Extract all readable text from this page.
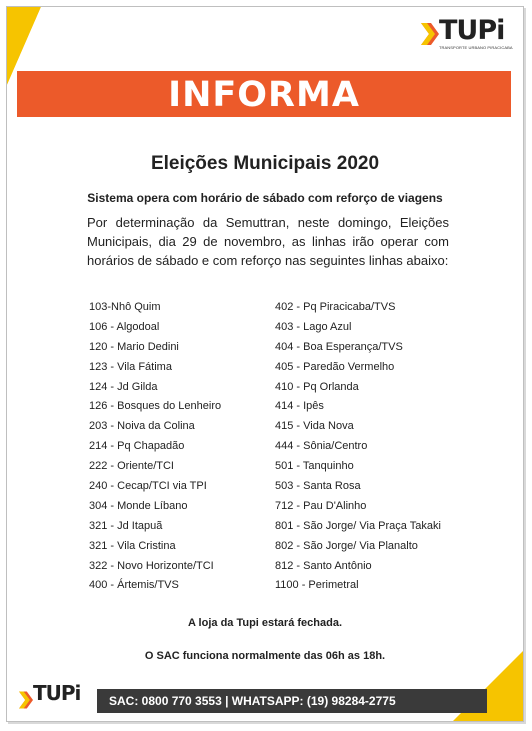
TUPi
TRANSPORTE URBANO PIRACICABA
INFORMA
Eleições Municipais 2020
Sistema opera com horário de sábado com reforço de viagens
Por determinação da Semuttran, neste domingo, Eleições Municipais, dia 29 de novembro, as linhas irão operar com horários de sábado e com reforço nas seguintes linhas abaixo:
103-Nhô Quim
106 - Algodoal
120 - Mario Dedini
123 - Vila Fátima
124 - Jd Gilda
126 - Bosques do Lenheiro
203 - Noiva da Colina
214 - Pq Chapadão
222 - Oriente/TCI
240 - Cecap/TCI via TPI
304 - Monde Líbano
321 - Jd Itapuã
321 - Vila Cristina
322 - Novo Horizonte/TCI
400 - Ártemis/TVS
402 - Pq Piracicaba/TVS
403 - Lago Azul
404 - Boa Esperança/TVS
405 - Paredão Vermelho
410 - Pq Orlanda
414 - Ipês
415 - Vida Nova
444 - Sônia/Centro
501 - Tanquinho
503 - Santa Rosa
712 - Pau D'Alinho
801 - São Jorge/ Via Praça Takaki
802 - São Jorge/ Via Planalto
812 - Santo Antônio
1100 - Perimetral
A loja da Tupi estará fechada.
O SAC funciona normalmente das 06h as 18h.
TUPi SAC: 0800 770 3553 | WHATSAPP: (19) 98284-2775
